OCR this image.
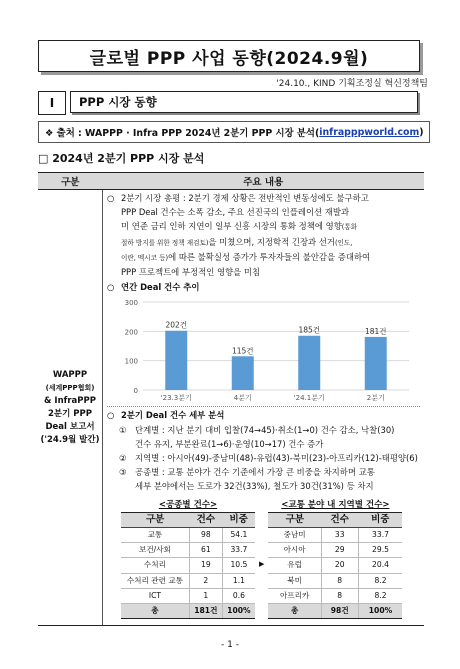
글로벌 PPP 사업 동향(2024.9월)
'24.10., KIND 기획조정실 혁신정책팀
I	PPP 시장 동향
❖ 출처 : WAPPP · Infra PPP 2024년 2분기 PPP 시장 분석( infrapppworld.com )
□ 2024년 2분기 PPP 시장 분석
구분	주요 내용

WAPPP
(세계PPP협회)
& InfraPPP
2분기 PPP
Deal 보고서
('24.9월 발간)

○ 2분기 시장 총평 : 2분기 경제 상황은 전반적인 변동성에도 불구하고
PPP Deal 건수는 소폭 감소, 주요 선진국의 인플레이션 재발과
미 연준 금리 인하 지연이 일부 신흥 시장의 통화 정책에 영향(통화
절하 방지를 위한 정책 재검토)을 미쳤으며, 지정학적 긴장과 선거(인도,
이란, 멕시코 등)에 따른 불확실성 증가가 투자자들의 불안감을 증대하여
PPP 프로젝트에 부정적인 영향을 미침
○ 연간 Deal 건수 추이
300
200
100
0
202건
'23.3분기
115건
4분기
185건
'24.1분기
181건
2분기
○ 2분기 Deal 건수 세부 분석
①	단계별 : 지난 분기 대비 입찰(74→45)·취소(1→0) 건수 감소, 낙찰(30)
건수 유지, 부분완료(1→6)·운영(10→17) 건수 증가
②	지역별 : 아시아(49)-중남미(48)-유럽(43)-북미(23)-아프리카(12)-태평양(6)
③	공종별 : 교통 분야가 건수 기준에서 가장 큰 비중을 차지하며 교통
세부 분야에서는 도로가 32건(33%), 철도가 30건(31%) 등 차지
<공종별 건수>
구분	건수	비중
교통	98	54.1
보건/사회	61	33.7
수처리	19	10.5
수처리 관련 교통	2	1.1
ICT	1	0.6
총	181건	100%
▶
<교통 분야 내 지역별 건수>
구분	건수	비중
중남미	33	33.7
아시아	29	29.5
유럽	20	20.4
북미	8	8.2
아프리카	8	8.2
총	98건	100%
- 1 -
